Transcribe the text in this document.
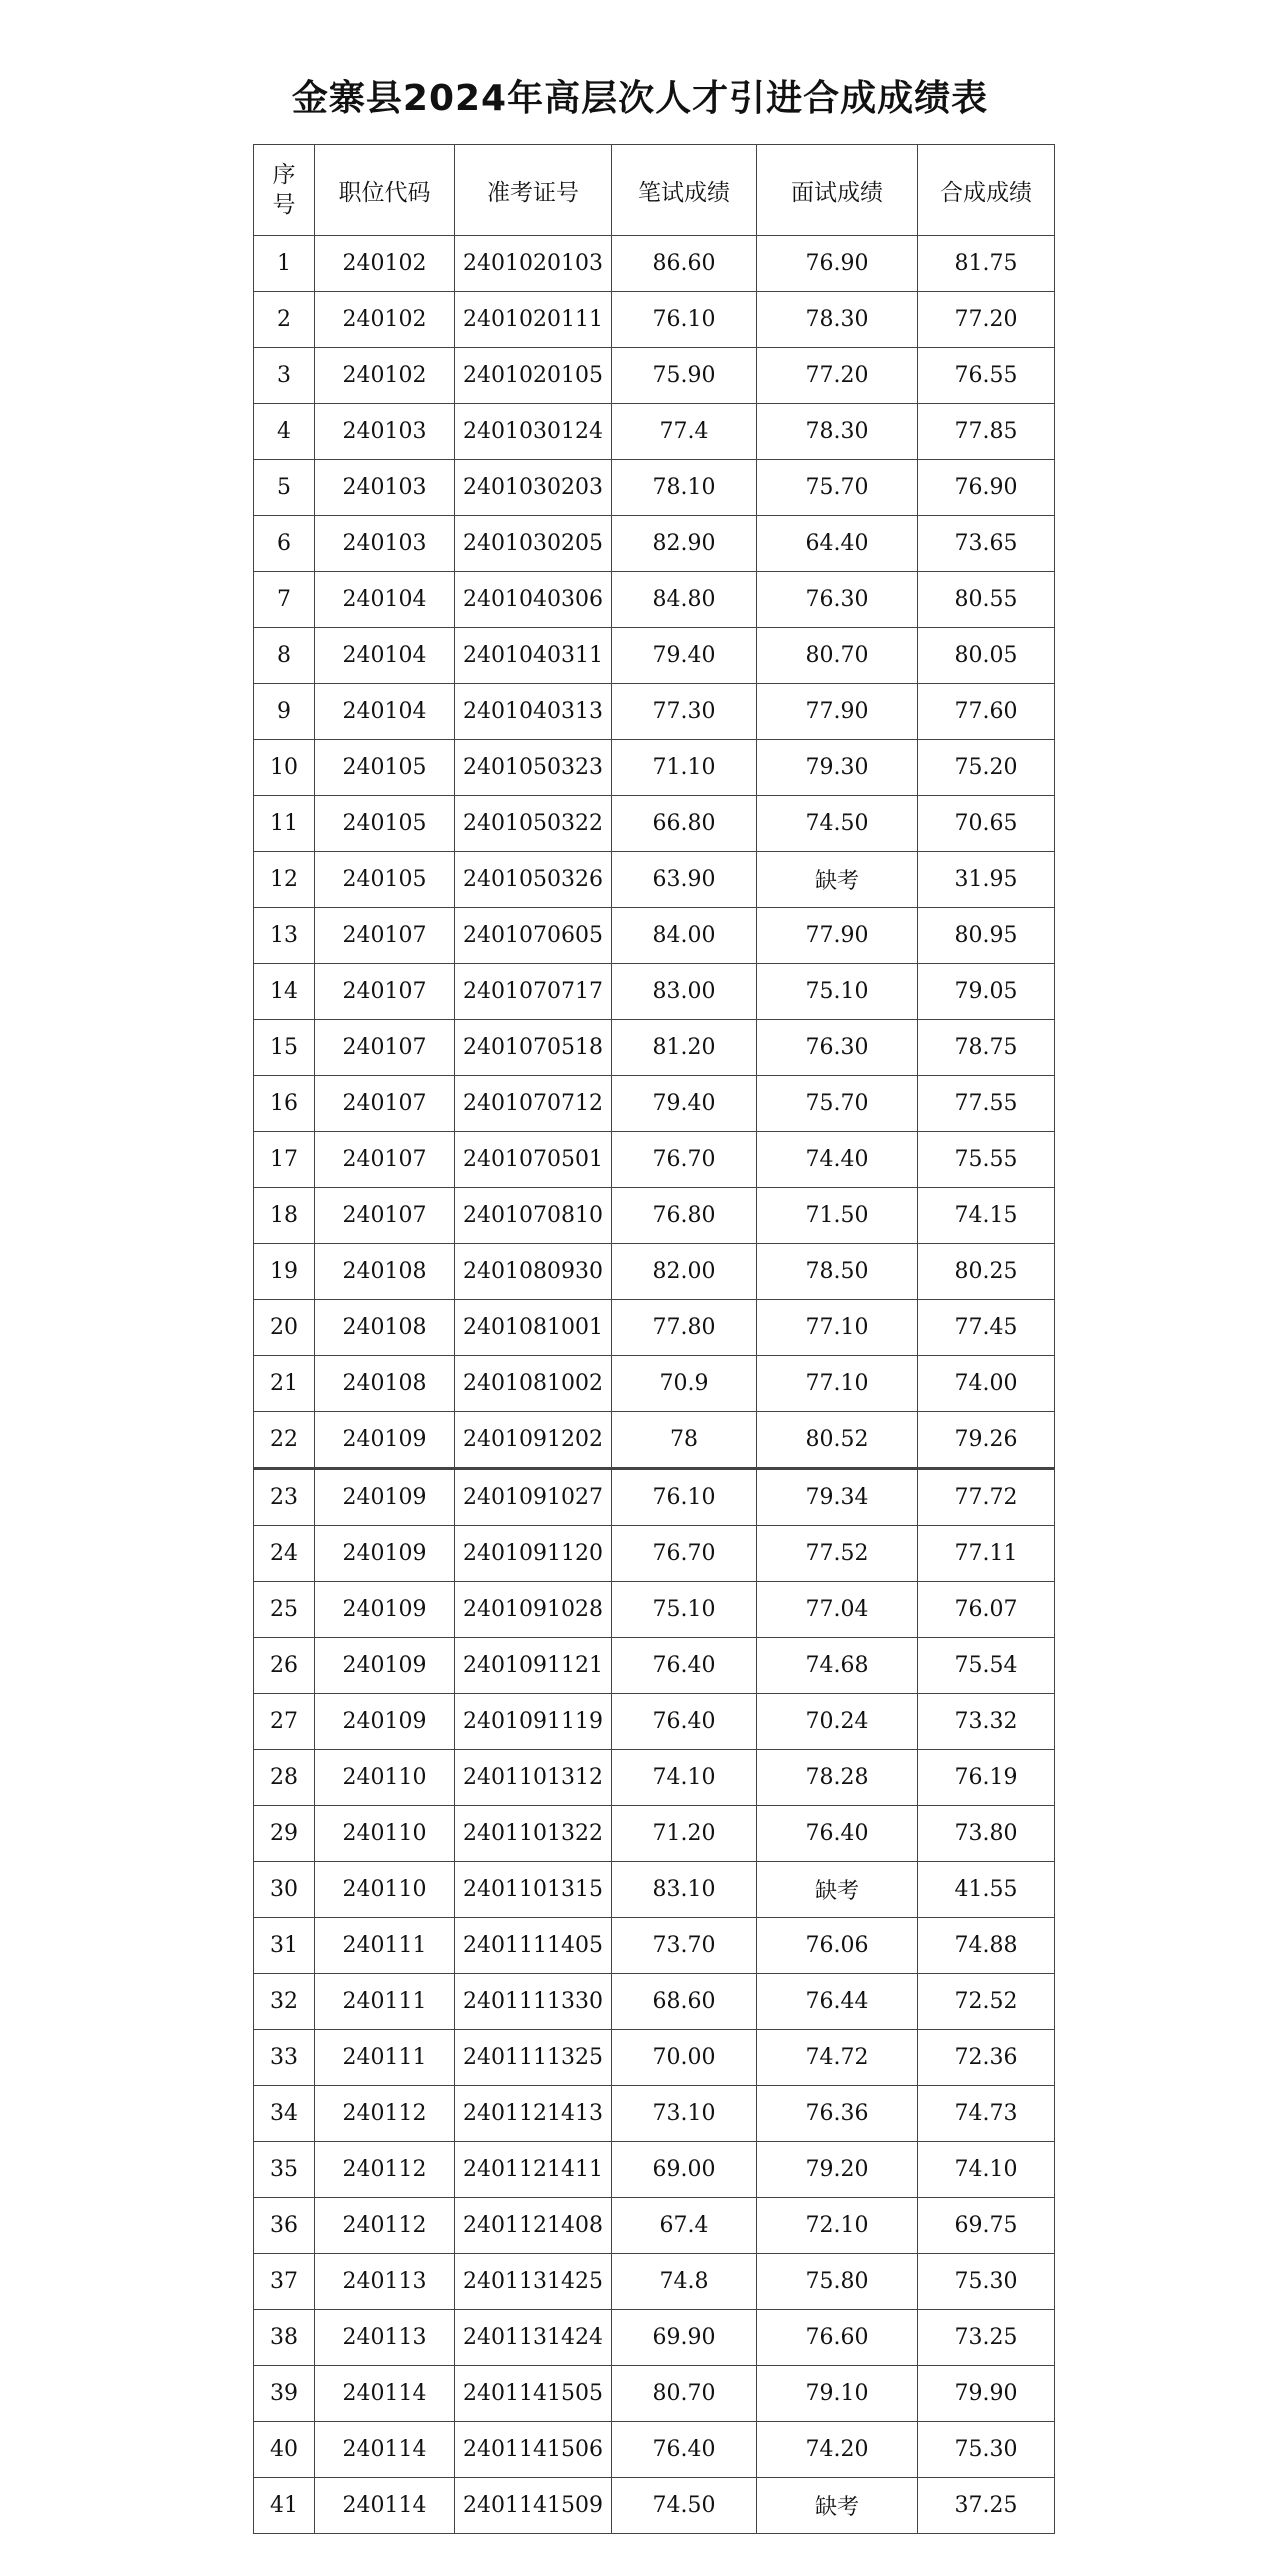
金寨县2024年高层次人才引进合成成绩表
序号	职位代码	准考证号	笔试成绩	面试成绩	合成成绩
1	240102	2401020103	86.60	76.90	81.75
2	240102	2401020111	76.10	78.30	77.20
3	240102	2401020105	75.90	77.20	76.55
4	240103	2401030124	77.4	78.30	77.85
5	240103	2401030203	78.10	75.70	76.90
6	240103	2401030205	82.90	64.40	73.65
7	240104	2401040306	84.80	76.30	80.55
8	240104	2401040311	79.40	80.70	80.05
9	240104	2401040313	77.30	77.90	77.60
10	240105	2401050323	71.10	79.30	75.20
11	240105	2401050322	66.80	74.50	70.65
12	240105	2401050326	63.90	缺考	31.95
13	240107	2401070605	84.00	77.90	80.95
14	240107	2401070717	83.00	75.10	79.05
15	240107	2401070518	81.20	76.30	78.75
16	240107	2401070712	79.40	75.70	77.55
17	240107	2401070501	76.70	74.40	75.55
18	240107	2401070810	76.80	71.50	74.15
19	240108	2401080930	82.00	78.50	80.25
20	240108	2401081001	77.80	77.10	77.45
21	240108	2401081002	70.9	77.10	74.00
22	240109	2401091202	78	80.52	79.26
23	240109	2401091027	76.10	79.34	77.72
24	240109	2401091120	76.70	77.52	77.11
25	240109	2401091028	75.10	77.04	76.07
26	240109	2401091121	76.40	74.68	75.54
27	240109	2401091119	76.40	70.24	73.32
28	240110	2401101312	74.10	78.28	76.19
29	240110	2401101322	71.20	76.40	73.80
30	240110	2401101315	83.10	缺考	41.55
31	240111	2401111405	73.70	76.06	74.88
32	240111	2401111330	68.60	76.44	72.52
33	240111	2401111325	70.00	74.72	72.36
34	240112	2401121413	73.10	76.36	74.73
35	240112	2401121411	69.00	79.20	74.10
36	240112	2401121408	67.4	72.10	69.75
37	240113	2401131425	74.8	75.80	75.30
38	240113	2401131424	69.90	76.60	73.25
39	240114	2401141505	80.70	79.10	79.90
40	240114	2401141506	76.40	74.20	75.30
41	240114	2401141509	74.50	缺考	37.25
